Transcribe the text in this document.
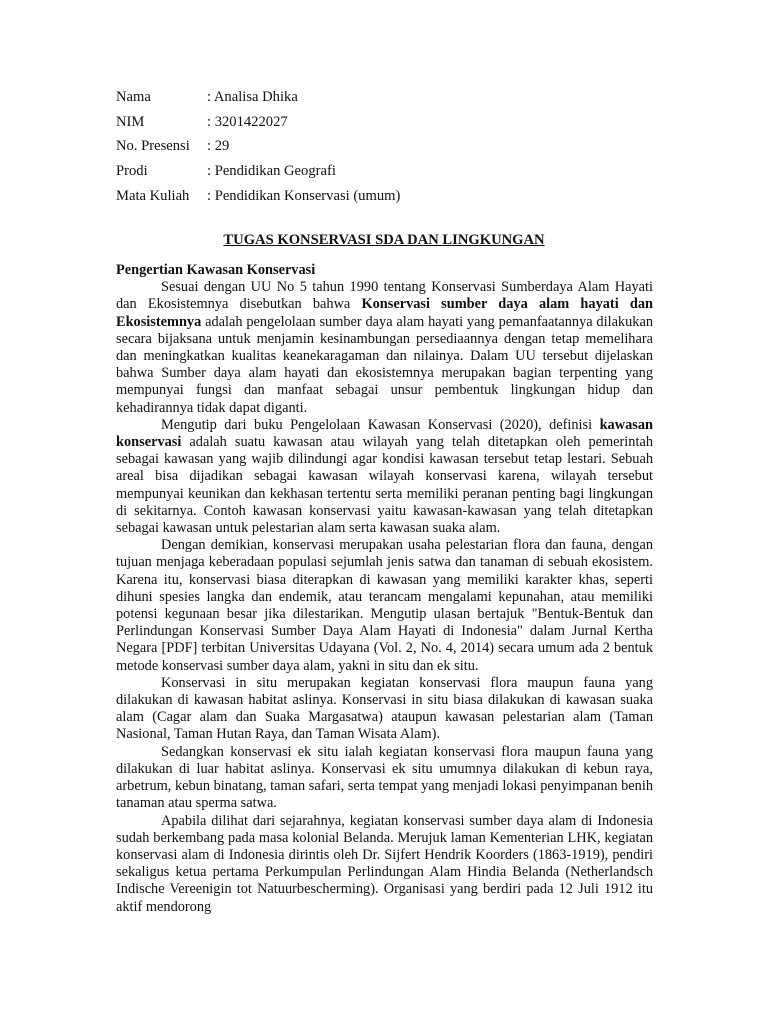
Nama	: Analisa Dhika
NIM	: 3201422027
No. Presensi	: 29
Prodi	: Pendidikan Geografi
Mata Kuliah	: Pendidikan Konservasi (umum)
TUGAS KONSERVASI SDA DAN LINGKUNGAN
Pengertian Kawasan Konservasi

Sesuai dengan UU No 5 tahun 1990 tentang Konservasi Sumberdaya Alam Hayati dan Ekosistemnya disebutkan bahwa Konservasi sumber daya alam hayati dan Ekosistemnya adalah pengelolaan sumber daya alam hayati yang pemanfaatannya dilakukan secara bijaksana untuk menjamin kesinambungan persediaannya dengan tetap memelihara dan meningkatkan kualitas keanekaragaman dan nilainya. Dalam UU tersebut dijelaskan bahwa Sumber daya alam hayati dan ekosistemnya merupakan bagian terpenting yang mempunyai fungsi dan manfaat sebagai unsur pembentuk lingkungan hidup dan kehadirannya tidak dapat diganti.

Mengutip dari buku Pengelolaan Kawasan Konservasi (2020), definisi kawasan konservasi adalah suatu kawasan atau wilayah yang telah ditetapkan oleh pemerintah sebagai kawasan yang wajib dilindungi agar kondisi kawasan tersebut tetap lestari. Sebuah areal bisa dijadikan sebagai kawasan wilayah konservasi karena, wilayah tersebut mempunyai keunikan dan kekhasan tertentu serta memiliki peranan penting bagi lingkungan di sekitarnya. Contoh kawasan konservasi yaitu kawasan-kawasan yang telah ditetapkan sebagai kawasan untuk pelestarian alam serta kawasan suaka alam.

Dengan demikian, konservasi merupakan usaha pelestarian flora dan fauna, dengan tujuan menjaga keberadaan populasi sejumlah jenis satwa dan tanaman di sebuah ekosistem. Karena itu, konservasi biasa diterapkan di kawasan yang memiliki karakter khas, seperti dihuni spesies langka dan endemik, atau terancam mengalami kepunahan, atau memiliki potensi kegunaan besar jika dilestarikan. Mengutip ulasan bertajuk "Bentuk-Bentuk dan Perlindungan Konservasi Sumber Daya Alam Hayati di Indonesia" dalam Jurnal Kertha Negara [PDF] terbitan Universitas Udayana (Vol. 2, No. 4, 2014) secara umum ada 2 bentuk metode konservasi sumber daya alam, yakni in situ dan ek situ.

Konservasi in situ merupakan kegiatan konservasi flora maupun fauna yang dilakukan di kawasan habitat aslinya. Konservasi in situ biasa dilakukan di kawasan suaka alam (Cagar alam dan Suaka Margasatwa) ataupun kawasan pelestarian alam (Taman Nasional, Taman Hutan Raya, dan Taman Wisata Alam).

Sedangkan konservasi ek situ ialah kegiatan konservasi flora maupun fauna yang dilakukan di luar habitat aslinya. Konservasi ek situ umumnya dilakukan di kebun raya, arbetrum, kebun binatang, taman safari, serta tempat yang menjadi lokasi penyimpanan benih tanaman atau sperma satwa.

Apabila dilihat dari sejarahnya, kegiatan konservasi sumber daya alam di Indonesia sudah berkembang pada masa kolonial Belanda. Merujuk laman Kementerian LHK, kegiatan konservasi alam di Indonesia dirintis oleh Dr. Sijfert Hendrik Koorders (1863-1919), pendiri sekaligus ketua pertama Perkumpulan Perlindungan Alam Hindia Belanda (Netherlandsch Indische Vereenigin tot Natuurbescherming). Organisasi yang berdiri pada 12 Juli 1912 itu aktif mendorong
